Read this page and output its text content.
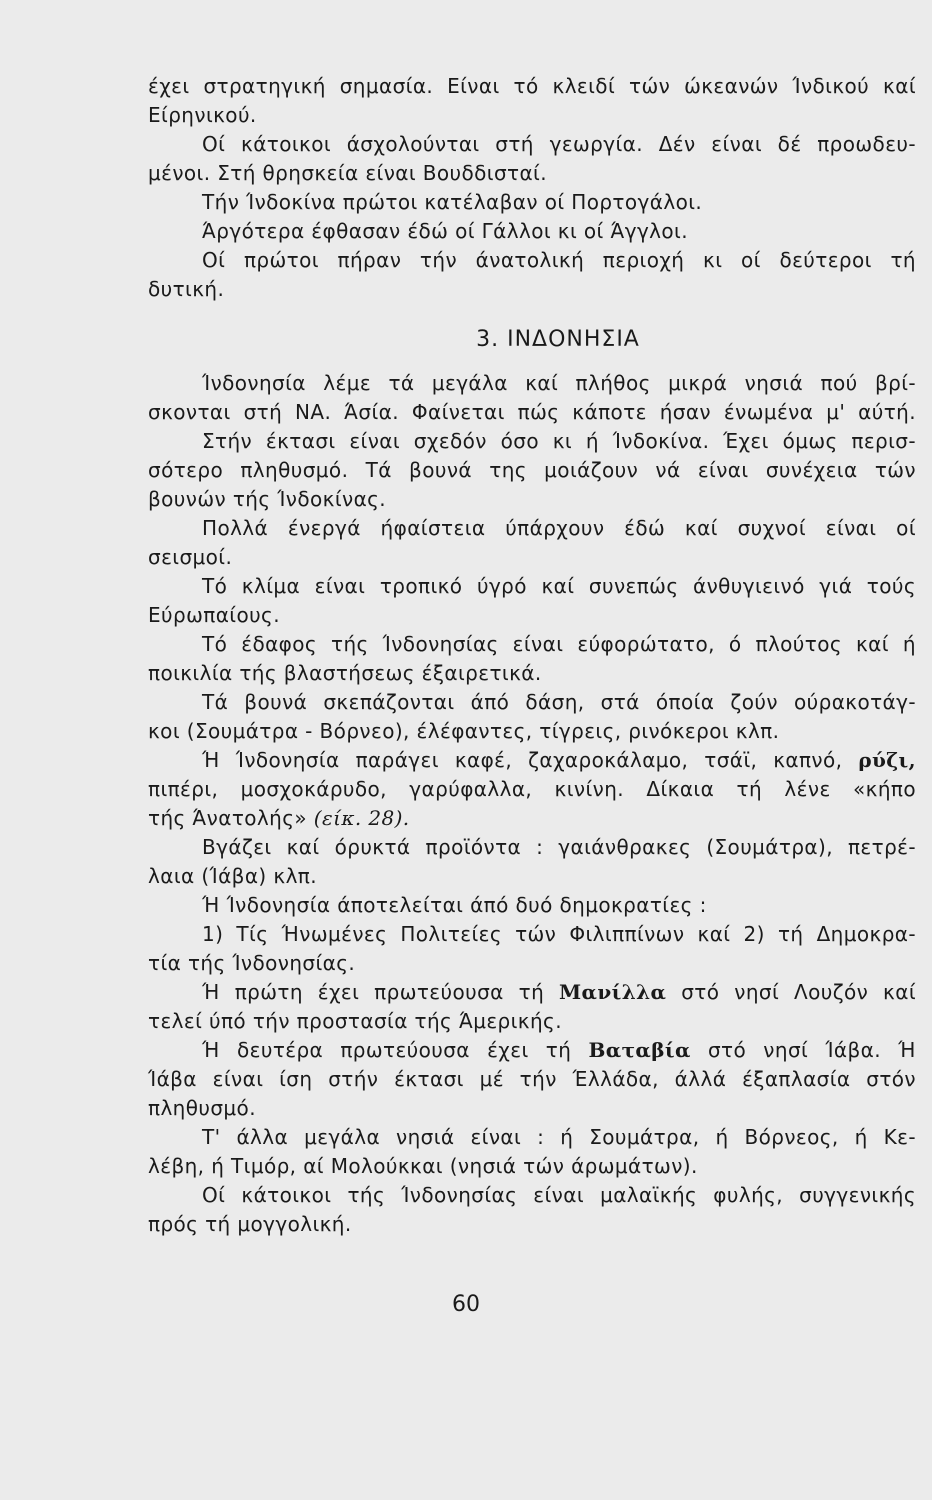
έχει στρατηγική σημασία. Είναι τό κλειδί τών ώκεανών Ίνδικού καί
Είρηνικού.
Οί κάτοικοι άσχολούνται στή γεωργία. Δέν είναι δέ προωδευ-
μένοι. Στή θρησκεία είναι Βουδδισταί.
Τήν Ίνδοκίνα πρώτοι κατέλαβαν οί Πορτογάλοι.
Άργότερα έφθασαν έδώ οί Γάλλοι κι οί Άγγλοι.
Οί πρώτοι πήραν τήν άνατολική περιοχή κι οί δεύτεροι τή
δυτική.
3. ΙΝΔΟΝΗΣΙΑ
Ίνδονησία λέμε τά μεγάλα καί πλήθος μικρά νησιά πού βρί-
σκονται στή ΝΑ. Άσία. Φαίνεται πώς κάποτε ήσαν ένωμένα μ' αύτή.
Στήν έκτασι είναι σχεδόν όσο κι ή Ίνδοκίνα. Έχει όμως περισ-
σότερο πληθυσμό. Τά βουνά της μοιάζουν νά είναι συνέχεια τών
βουνών τής Ίνδοκίνας.
Πολλά ένεργά ήφαίστεια ύπάρχουν έδώ καί συχνοί είναι οί
σεισμοί.
Τό κλίμα είναι τροπικό ύγρό καί συνεπώς άνθυγιεινό γιά τούς
Εύρωπαίους.
Τό έδαφος τής Ίνδονησίας είναι εύφορώτατο, ό πλούτος καί ή
ποικιλία τής βλαστήσεως έξαιρετικά.
Τά βουνά σκεπάζονται άπό δάση, στά όποία ζούν ούρακοτάγ-
κοι (Σουμάτρα - Βόρνεο), έλέφαντες, τίγρεις, ρινόκεροι κλπ.
Ή Ίνδονησία παράγει καφέ, ζαχαροκάλαμο, τσάϊ, καπνό, ρύζι,
πιπέρι, μοσχοκάρυδο, γαρύφαλλα, κινίνη. Δίκαια τή λένε «κήπο
τής Άνατολής» (είκ. 28).
Βγάζει καί όρυκτά προϊόντα : γαιάνθρακες (Σουμάτρα), πετρέ-
λαια (Ίάβα) κλπ.
Ή Ίνδονησία άποτελείται άπό δυό δημοκρατίες :
1) Τίς Ήνωμένες Πολιτείες τών Φιλιππίνων καί 2) τή Δημοκρα-
τία τής Ίνδονησίας.
Ή πρώτη έχει πρωτεύουσα τή Μανίλλα στό νησί Λουζόν καί
τελεί ύπό τήν προστασία τής Άμερικής.
Ή δευτέρα πρωτεύουσα έχει τή Βαταβία στό νησί Ίάβα. Ή
Ίάβα είναι ίση στήν έκτασι μέ τήν Έλλάδα, άλλά έξαπλασία στόν
πληθυσμό.
Τ' άλλα μεγάλα νησιά είναι : ή Σουμάτρα, ή Βόρνεος, ή Κε-
λέβη, ή Τιμόρ, αί Μολούκκαι (νησιά τών άρωμάτων).
Οί κάτοικοι τής Ίνδονησίας είναι μαλαϊκής φυλής, συγγενικής
πρός τή μογγολική.
60
